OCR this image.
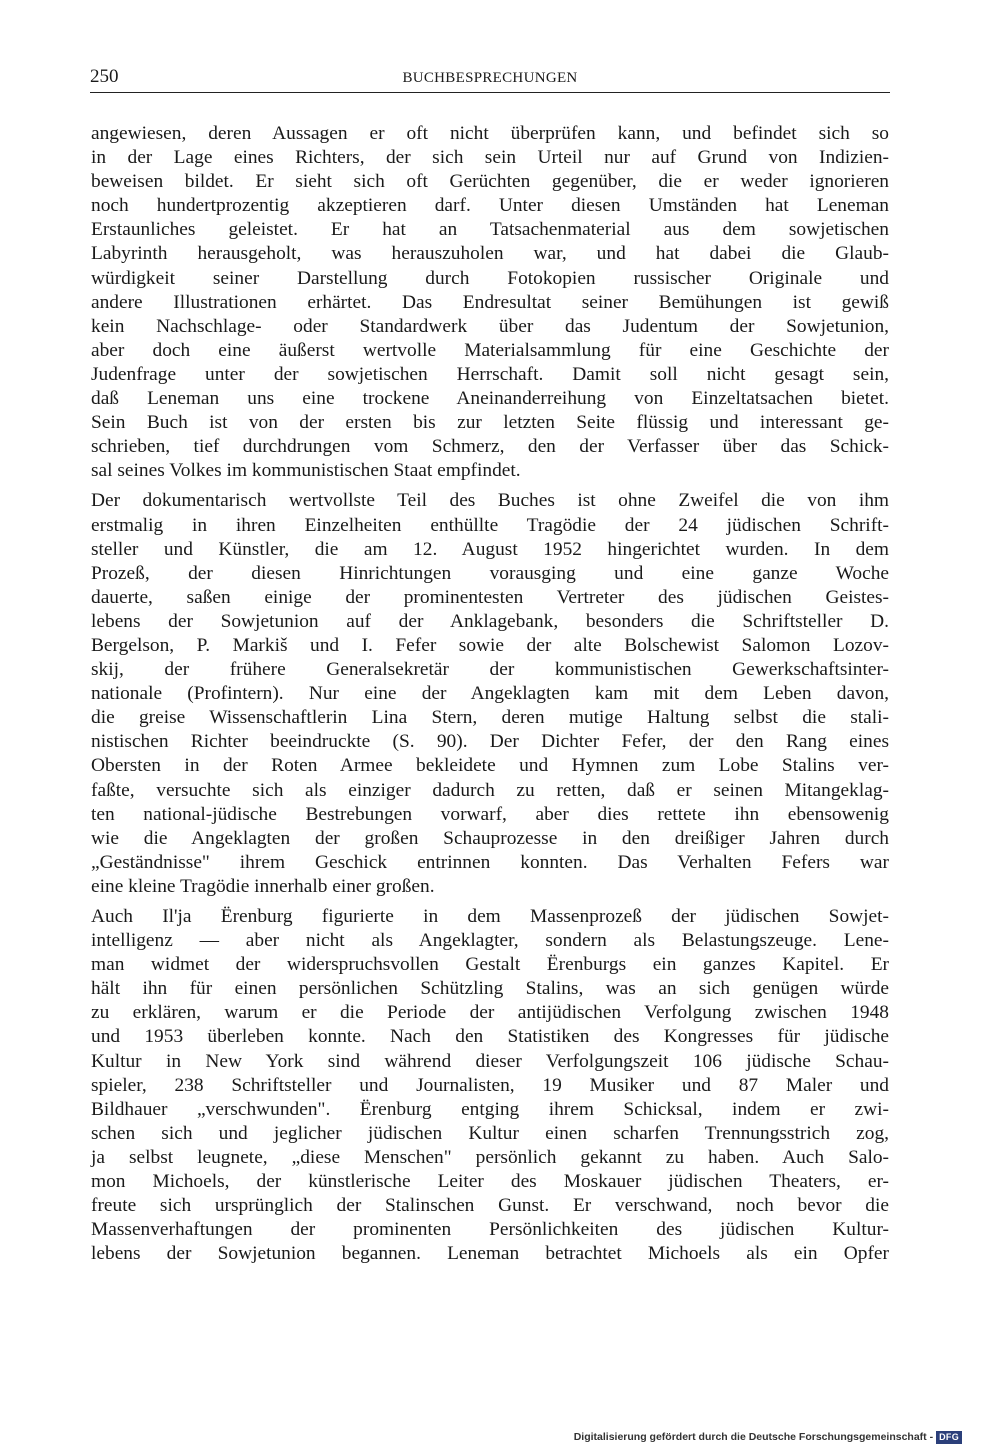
250	BUCHBESPRECHUNGEN

angewiesen, deren Aussagen er oft nicht überprüfen kann, und befindet sich so
in der Lage eines Richters, der sich sein Urteil nur auf Grund von Indizien-
beweisen bildet. Er sieht sich oft Gerüchten gegenüber, die er weder ignorieren
noch hundertprozentig akzeptieren darf. Unter diesen Umständen hat Leneman
Erstaunliches geleistet. Er hat an Tatsachenmaterial aus dem sowjetischen
Labyrinth herausgeholt, was herauszuholen war, und hat dabei die Glaub-
würdigkeit seiner Darstellung durch Fotokopien russischer Originale und
andere Illustrationen erhärtet. Das Endresultat seiner Bemühungen ist gewiß
kein Nachschlage- oder Standardwerk über das Judentum der Sowjetunion,
aber doch eine äußerst wertvolle Materialsammlung für eine Geschichte der
Judenfrage unter der sowjetischen Herrschaft. Damit soll nicht gesagt sein,
daß Leneman uns eine trockene Aneinanderreihung von Einzeltatsachen bietet.
Sein Buch ist von der ersten bis zur letzten Seite flüssig und interessant ge-
schrieben, tief durchdrungen vom Schmerz, den der Verfasser über das Schick-
sal seines Volkes im kommunistischen Staat empfindet.

Der dokumentarisch wertvollste Teil des Buches ist ohne Zweifel die von ihm
erstmalig in ihren Einzelheiten enthüllte Tragödie der 24 jüdischen Schrift-
steller und Künstler, die am 12. August 1952 hingerichtet wurden. In dem
Prozeß, der diesen Hinrichtungen vorausging und eine ganze Woche
dauerte, saßen einige der prominentesten Vertreter des jüdischen Geistes-
lebens der Sowjetunion auf der Anklagebank, besonders die Schriftsteller D.
Bergelson, P. Markiš und I. Fefer sowie der alte Bolschewist Salomon Lozov-
skij, der frühere Generalsekretär der kommunistischen Gewerkschaftsinter-
nationale (Profintern). Nur eine der Angeklagten kam mit dem Leben davon,
die greise Wissenschaftlerin Lina Stern, deren mutige Haltung selbst die stali-
nistischen Richter beeindruckte (S. 90). Der Dichter Fefer, der den Rang eines
Obersten in der Roten Armee bekleidete und Hymnen zum Lobe Stalins ver-
faßte, versuchte sich als einziger dadurch zu retten, daß er seinen Mitangeklag-
ten national-jüdische Bestrebungen vorwarf, aber dies rettete ihn ebensowenig
wie die Angeklagten der großen Schauprozesse in den dreißiger Jahren durch
„Geständnisse" ihrem Geschick entrinnen konnten. Das Verhalten Fefers war
eine kleine Tragödie innerhalb einer großen.

Auch Il'ja Ërenburg figurierte in dem Massenprozeß der jüdischen Sowjet-
intelligenz — aber nicht als Angeklagter, sondern als Belastungszeuge. Lene-
man widmet der widerspruchsvollen Gestalt Ërenburgs ein ganzes Kapitel. Er
hält ihn für einen persönlichen Schützling Stalins, was an sich genügen würde
zu erklären, warum er die Periode der antijüdischen Verfolgung zwischen 1948
und 1953 überleben konnte. Nach den Statistiken des Kongresses für jüdische
Kultur in New York sind während dieser Verfolgungszeit 106 jüdische Schau-
spieler, 238 Schriftsteller und Journalisten, 19 Musiker und 87 Maler und
Bildhauer „verschwunden". Ërenburg entging ihrem Schicksal, indem er zwi-
schen sich und jeglicher jüdischen Kultur einen scharfen Trennungsstrich zog,
ja selbst leugnete, „diese Menschen" persönlich gekannt zu haben. Auch Salo-
mon Michoels, der künstlerische Leiter des Moskauer jüdischen Theaters, er-
freute sich ursprünglich der Stalinschen Gunst. Er verschwand, noch bevor die
Massenverhaftungen der prominenten Persönlichkeiten des jüdischen Kultur-
lebens der Sowjetunion begannen. Leneman betrachtet Michoels als ein Opfer

Digitalisierung gefördert durch die Deutsche Forschungsgemeinschaft - DFG
